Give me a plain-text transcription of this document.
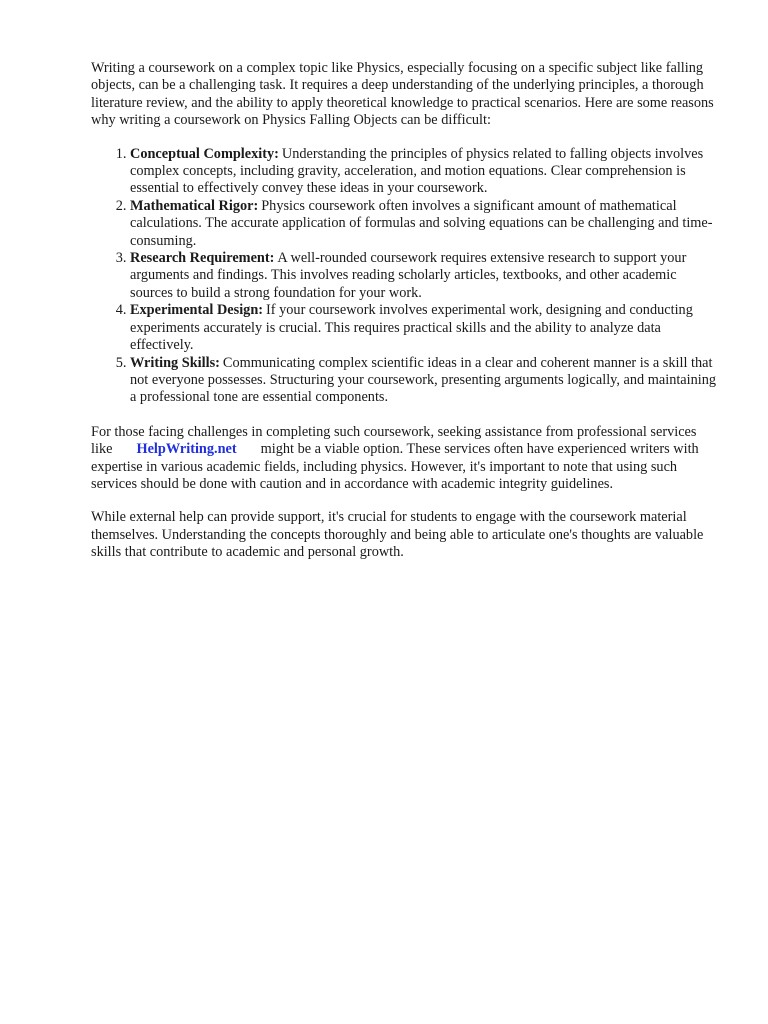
Writing a coursework on a complex topic like Physics, especially focusing on a specific subject like falling objects, can be a challenging task. It requires a deep understanding of the underlying principles, a thorough literature review, and the ability to apply theoretical knowledge to practical scenarios. Here are some reasons why writing a coursework on Physics Falling Objects can be difficult:

1. Conceptual Complexity: Understanding the principles of physics related to falling objects involves complex concepts, including gravity, acceleration, and motion equations. Clear comprehension is essential to effectively convey these ideas in your coursework.
2. Mathematical Rigor: Physics coursework often involves a significant amount of mathematical calculations. The accurate application of formulas and solving equations can be challenging and time-consuming.
3. Research Requirement: A well-rounded coursework requires extensive research to support your arguments and findings. This involves reading scholarly articles, textbooks, and other academic sources to build a strong foundation for your work.
4. Experimental Design: If your coursework involves experimental work, designing and conducting experiments accurately is crucial. This requires practical skills and the ability to analyze data effectively.
5. Writing Skills: Communicating complex scientific ideas in a clear and coherent manner is a skill that not everyone possesses. Structuring your coursework, presenting arguments logically, and maintaining a professional tone are essential components.

For those facing challenges in completing such coursework, seeking assistance from professional services like HelpWriting.net might be a viable option. These services often have experienced writers with expertise in various academic fields, including physics. However, it's important to note that using such services should be done with caution and in accordance with academic integrity guidelines.

While external help can provide support, it's crucial for students to engage with the coursework material themselves. Understanding the concepts thoroughly and being able to articulate one's thoughts are valuable skills that contribute to academic and personal growth.
